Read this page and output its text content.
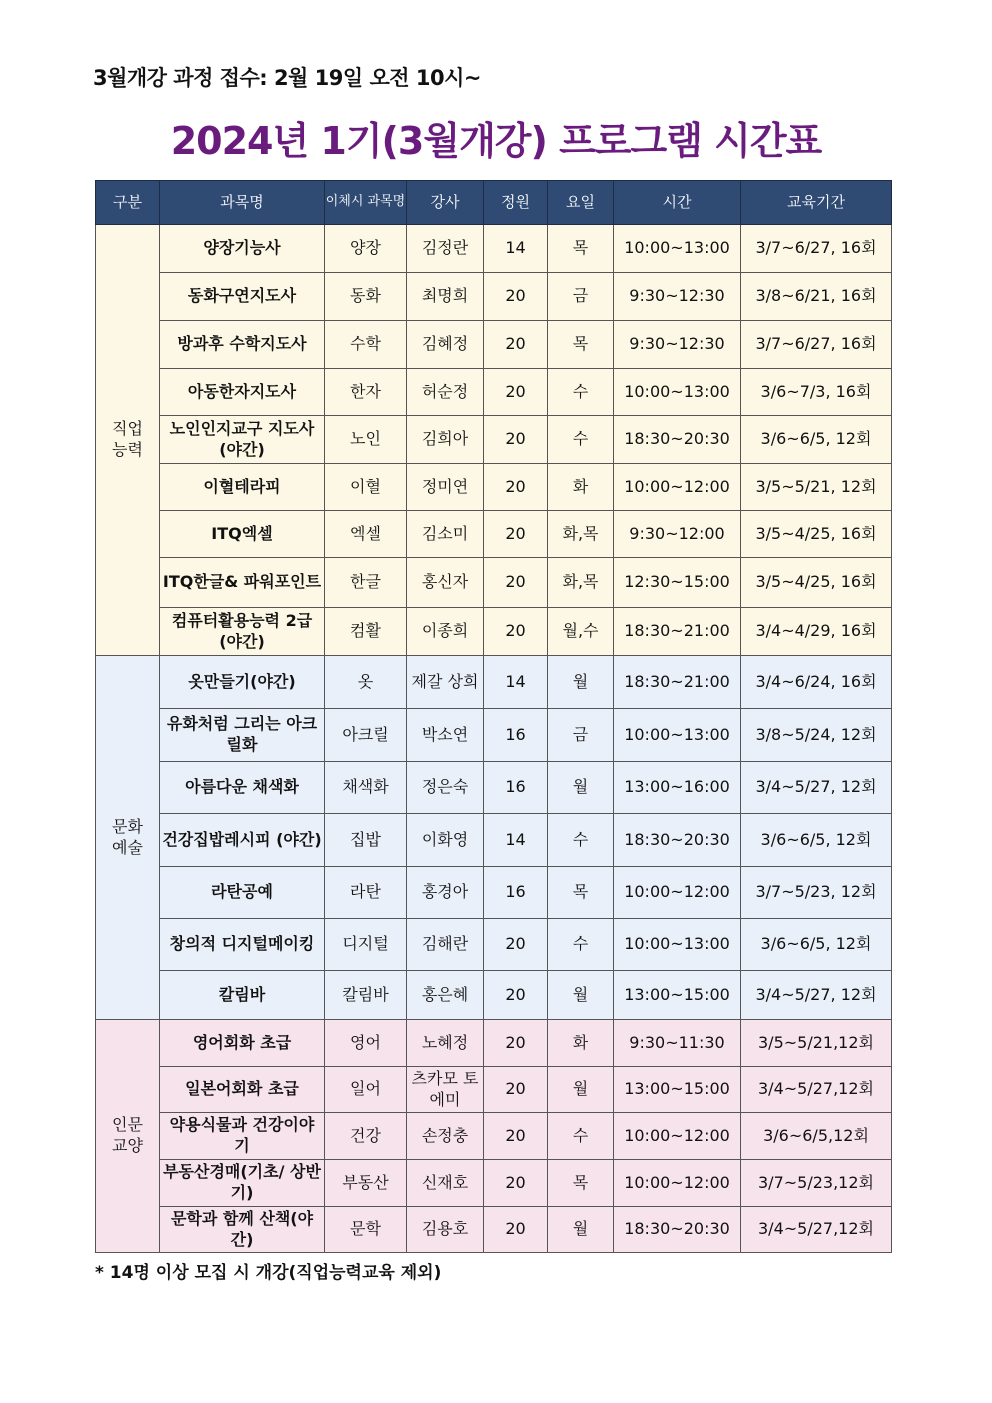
3월개강 과정 접수: 2월 19일 오전 10시~
2024년 1기(3월개강) 프로그램 시간표
구분	과목명	이체시 과목명	강사	정원	요일	시간	교육기간
직업 능력	양장기능사	양장	김정란	14	목	10:00~13:00	3/7~6/27, 16회
	동화구연지도사	동화	최명희	20	금	9:30~12:30	3/8~6/21, 16회
	방과후 수학지도사	수학	김혜정	20	목	9:30~12:30	3/7~6/27, 16회
	아동한자지도사	한자	허순정	20	수	10:00~13:00	3/6~7/3, 16회
	노인인지교구 지도사(야간)	노인	김희아	20	수	18:30~20:30	3/6~6/5, 12회
	이혈테라피	이혈	정미연	20	화	10:00~12:00	3/5~5/21, 12회
	ITQ엑셀	엑셀	김소미	20	화,목	9:30~12:00	3/5~4/25, 16회
	ITQ한글& 파워포인트	한글	홍신자	20	화,목	12:30~15:00	3/5~4/25, 16회
	컴퓨터활용능력 2급(야간)	컴활	이종희	20	월,수	18:30~21:00	3/4~4/29, 16회
문화 예술	옷만들기(야간)	옷	제갈 상희	14	월	18:30~21:00	3/4~6/24, 16회
	유화처럼 그리는 아크릴화	아크릴	박소연	16	금	10:00~13:00	3/8~5/24, 12회
	아름다운 채색화	채색화	정은숙	16	월	13:00~16:00	3/4~5/27, 12회
	건강집밥레시피 (야간)	집밥	이화영	14	수	18:30~20:30	3/6~6/5, 12회
	라탄공예	라탄	홍경아	16	목	10:00~12:00	3/7~5/23, 12회
	창의적 디지털메이킹	디지털	김해란	20	수	10:00~13:00	3/6~6/5, 12회
	칼림바	칼림바	홍은혜	20	월	13:00~15:00	3/4~5/27, 12회
인문 교양	영어회화 초급	영어	노혜정	20	화	9:30~11:30	3/5~5/21,12회
	일본어회화 초급	일어	츠카모 토에미	20	월	13:00~15:00	3/4~5/27,12회
	약용식물과 건강이야기	건강	손정충	20	수	10:00~12:00	3/6~6/5,12회
	부동산경매(기초/ 상반기)	부동산	신재호	20	목	10:00~12:00	3/7~5/23,12회
	문학과 함께 산책(야간)	문학	김용호	20	월	18:30~20:30	3/4~5/27,12회
* 14명 이상 모집 시 개강(직업능력교육 제외)
